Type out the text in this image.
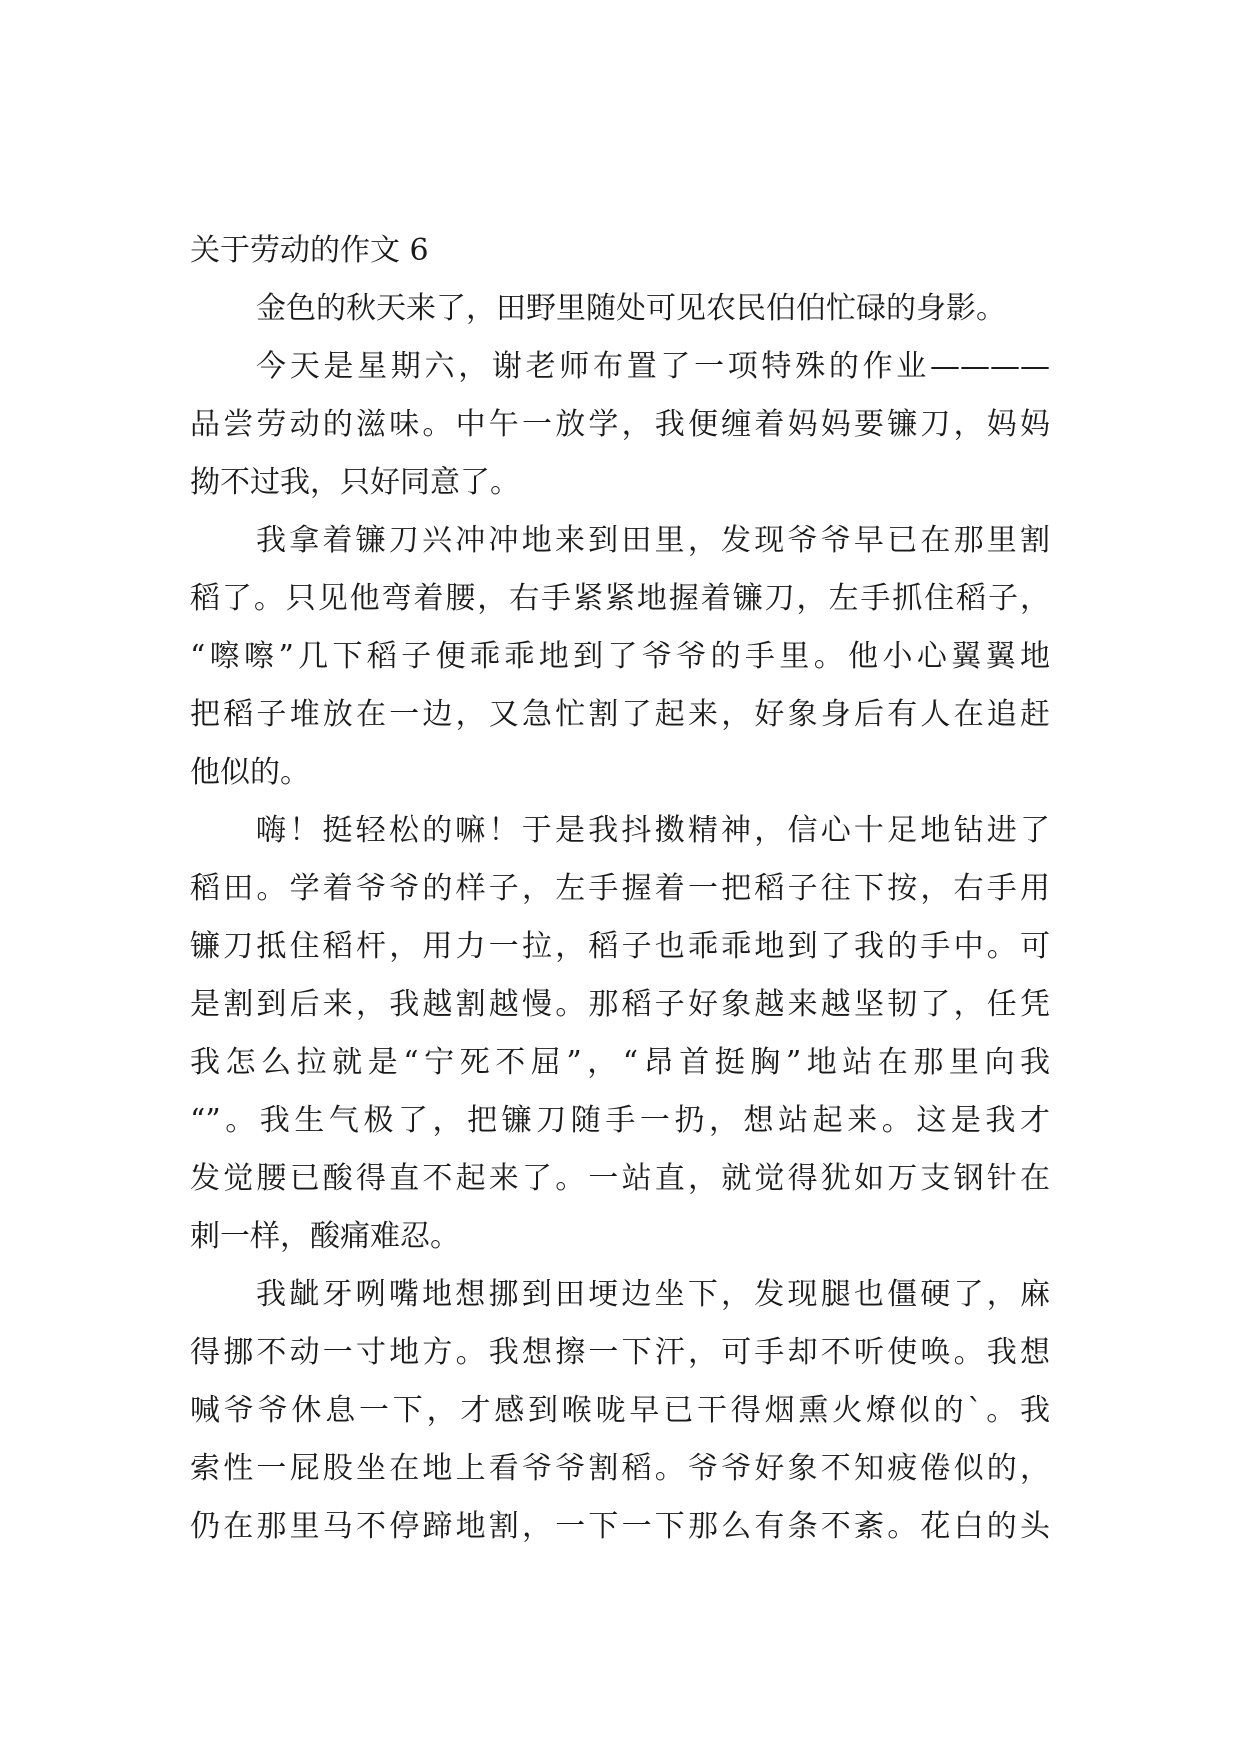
关于劳动的作文 6

金色的秋天来了，田野里随处可见农民伯伯忙碌的身影。

今天是星期六，谢老师布置了一项特殊的作业————
品尝劳动的滋味。中午一放学，我便缠着妈妈要镰刀，妈妈
拗不过我，只好同意了。

我拿着镰刀兴冲冲地来到田里，发现爷爷早已在那里割
稻了。只见他弯着腰，右手紧紧地握着镰刀，左手抓住稻子，
“嚓嚓”几下稻子便乖乖地到了爷爷的手里。他小心翼翼地
把稻子堆放在一边，又急忙割了起来，好象身后有人在追赶
他似的。

嗨！挺轻松的嘛！于是我抖擞精神，信心十足地钻进了
稻田。学着爷爷的样子，左手握着一把稻子往下按，右手用
镰刀抵住稻杆，用力一拉，稻子也乖乖地到了我的手中。可
是割到后来，我越割越慢。那稻子好象越来越坚韧了，任凭
我怎么拉就是“宁死不屈”，“昂首挺胸”地站在那里向我
“”。我生气极了，把镰刀随手一扔，想站起来。这是我才
发觉腰已酸得直不起来了。一站直，就觉得犹如万支钢针在
刺一样，酸痛难忍。

我龇牙咧嘴地想挪到田埂边坐下，发现腿也僵硬了，麻
得挪不动一寸地方。我想擦一下汗，可手却不听使唤。我想
喊爷爷休息一下，才感到喉咙早已干得烟熏火燎似的`。我
索性一屁股坐在地上看爷爷割稻。爷爷好象不知疲倦似的，
仍在那里马不停蹄地割，一下一下那么有条不紊。花白的头
